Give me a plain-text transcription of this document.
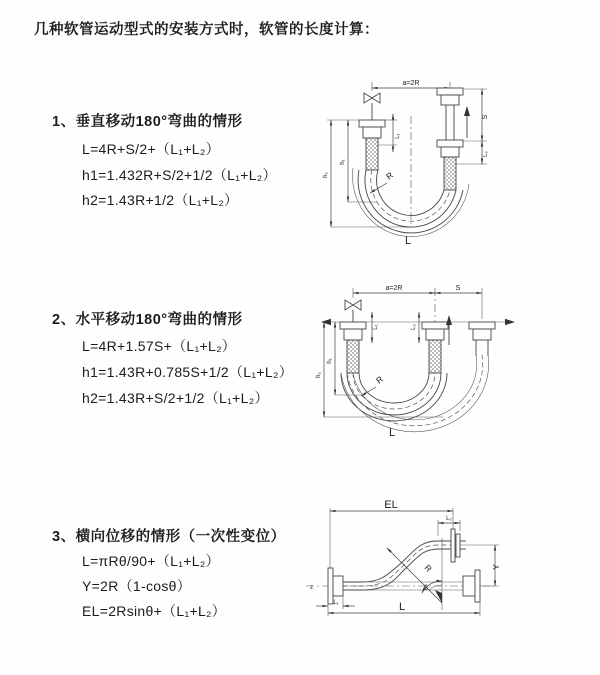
几种软管运动型式的安装方式时，软管的长度计算：
1、垂直移动180°弯曲的情形
L=4R+S/2+（L₁+L₂）
h1=1.432R+S/2+1/2（L₁+L₂）
h2=1.43R+1/2（L₁+L₂）
2、水平移动180°弯曲的情形
L=4R+1.57S+（L₁+L₂）
h1=1.43R+0.785S+1/2（L₁+L₂）
h2=1.43R+S/2+1/2（L₁+L₂）
3、横向位移的情形（一次性变位）
L=πRθ/90+（L₁+L₂）
Y=2R（1-cosθ）
EL=2Rsinθ+（L₁+L₂）
a=2R
L₁
S
L₂
h₁
h₂	R
L
a=2R	S
L₁	L₂
h₁
h₂	R
L
z
EL
L₂
Y
L
L₁
R
θ
